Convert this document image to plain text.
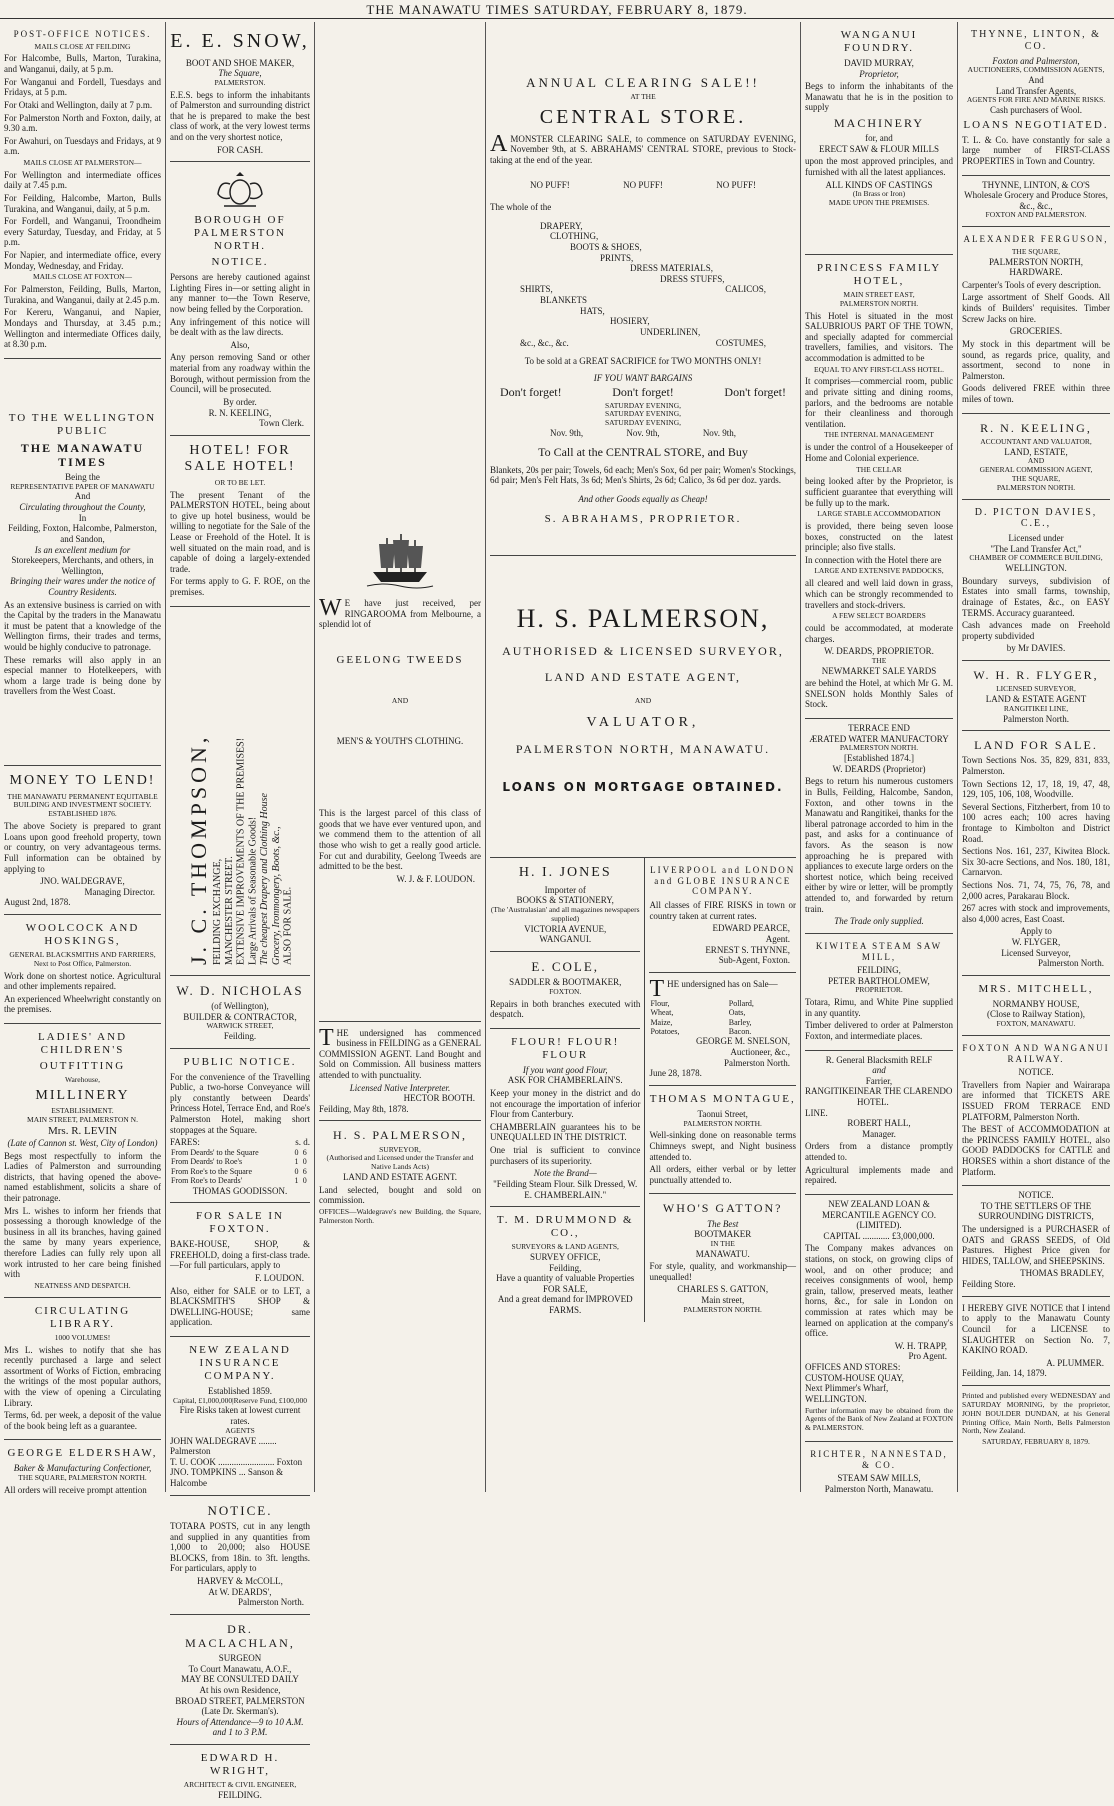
THE MANAWATU TIMES SATURDAY, FEBRUARY 8, 1879.
POST-OFFICE NOTICES.
MAILS CLOSE AT FEILDING

For Halcombe, Bulls, Marton, Turakina, and Wanganui, daily, at 5 p.m.

For Wanganui and Fordell, Tuesdays and Fridays, at 5 p.m.

For Otaki and Wellington, daily at 7 p.m.

For Palmerston North and Foxton, daily, at 9.30 a.m.

For Awahuri, on Tuesdays and Fridays, at 9 a.m.

MAILS CLOSE AT PALMERSTON—

For Wellington and intermediate offices daily at 7.45 p.m.

For Feilding, Halcombe, Marton, Bulls Turakina, and Wanganui, daily, at 5 p.m.

For Fordell, and Wanganui, Troondheim every Saturday, Tuesday, and Friday, at 5 p.m.

For Napier, and intermediate office, every Monday, Wednesday, and Friday.

MAILS CLOSE AT FOXTON—

For Palmerston, Feilding, Bulls, Marton, Turakina, and Wanganui, daily at 2.45 p.m.

For Kereru, Wanganui, and Napier, Mondays and Thursday, at 3.45 p.m.; Wellington and intermediate Offices daily, at 8.30 p.m.

TO THE WELLINGTON PUBLIC
THE MANAWATU TIMES
Being the
REPRESENTATIVE PAPER OF MANAWATU
And
Circulating throughout the County,
In
Feilding, Foxton, Halcombe, Palmerston, and Sandon,
Is an excellent medium for
Storekeepers, Merchants, and others, in Wellington,
Bringing their wares under the notice of Country Residents.

As an extensive business is carried on with the Capital by the traders in the Manawatu it must be patent that a knowledge of the Wellington firms, their trades and terms, would be highly conducive to patronage.

These remarks will also apply in an especial manner to Hotelkeepers, with whom a large trade is being done by travellers from the West Coast.

MONEY TO LEND!
THE MANAWATU PERMANENT EQUITABLE BUILDING AND INVESTMENT SOCIETY.
ESTABLISHED 1876.

The above Society is prepared to grant Loans upon good freehold property, town or country, on very advantageous terms. Full information can be obtained by applying to

JNO. WALDEGRAVE,
Managing Director.
August 2nd, 1878.
WOOLCOCK AND HOSKINGS,
GENERAL BLACKSMITHS AND FARRIERS, Next to Post Office, Palmerston.

Work done on shortest notice. Agricultural and other implements repaired.

An experienced Wheelwright constantly on the premises.

LADIES' AND CHILDREN'S
OUTFITTING
Warehouse,
MILLINERY
ESTABLISHMENT.
MAIN STREET, PALMERSTON N.
Mrs. R. LEVIN
(Late of Cannon st. West, City of London)

Begs most respectfully to inform the Ladies of Palmerston and surrounding districts, that having opened the above-named establishment, solicits a share of their patronage.

Mrs L. wishes to inform her friends that possessing a thorough knowledge of the business in all its branches, having gained the same by many years experience, therefore Ladies can fully rely upon all work intrusted to her care being finished with

NEATNESS AND DESPATCH.
CIRCULATING LIBRARY.
1000 VOLUMES!

Mrs L. wishes to notify that she has recently purchased a large and select assortment of Works of Fiction, embracing the writings of the most popular authors, with the view of opening a Circulating Library.

Terms, 6d. per week, a deposit of the value of the book being left as a guarantee.

GEORGE ELDERSHAW,
Baker & Manufacturing Confectioner,
THE SQUARE, PALMERSTON NORTH.

All orders will receive prompt attention

E. E. SNOW,
BOOT AND SHOE MAKER,
The Square,
PALMERSTON.

E.E.S. begs to inform the inhabitants of Palmerston and surrounding district that he is prepared to make the best class of work, at the very lowest terms and on the very shortest notice,

FOR CASH.
BOROUGH OF PALMERSTON NORTH.
NOTICE.

Persons are hereby cautioned against Lighting Fires in—or setting alight in any manner to—the Town Reserve, now being felled by the Corporation.

Any infringement of this notice will be dealt with as the law directs.

Also,

Any person removing Sand or other material from any roadway within the Borough, without permission from the Council, will be prosecuted.

By order.
R. N. KEELING,
Town Clerk.
HOTEL! FOR SALE HOTEL!
OR TO BE LET.

The present Tenant of the PALMERSTON HOTEL, being about to give up hotel business, would be willing to negotiate for the Sale of the Lease or Freehold of the Hotel. It is well situated on the main road, and is capable of doing a largely-extended trade.

For terms apply to G. F. ROE, on the premises.

J. C. THOMPSON, FEILDING EXCHANGE, MANCHESTER STREET. EXTENSIVE IMPROVEMENTS OF THE PREMISES! Large Arrivals of Seasonable Goods! The cheapest Drapery and Clothing House Grocery, Ironmongery, Boots, &c., ALSO FOR SALE.
W. D. NICHOLAS
(of Wellington),
BUILDER & CONTRACTOR,
WARWICK STREET,
Feilding.
PUBLIC NOTICE.

For the convenience of the Travelling Public, a two-horse Conveyance will ply constantly between Deards' Princess Hotel, Terrace End, and Roe's Palmerston Hotel, making short stoppages at the Square.

FARES:	s. d.
From Deards' to the Square	0	6
From Deards' to Roe's	1	0
From Roe's to the Square	0	6
From Roe's to Deards'	1	0
THOMAS GOODISSON.
FOR SALE IN FOXTON.

BAKE-HOUSE, SHOP, & FREEHOLD, doing a first-class trade.—For full particulars, apply to

F. LOUDON.

Also, either for SALE or to LET, a BLACKSMITH'S SHOP & DWELLING-HOUSE; same application.

NEW ZEALAND INSURANCE COMPANY.
Established 1859.
Capital, £1,000,000|Reserve Fund, £100,000
Fire Risks taken at lowest current rates.
AGENTS
JOHN WALDEGRAVE ........ Palmerston
T. U. COOK ......................... Foxton
JNO. TOMPKINS ... Sanson & Halcombe
NOTICE.

TOTARA POSTS, cut in any length and supplied in any quantities from 1,000 to 20,000; also HOUSE BLOCKS, from 18in. to 3ft. lengths. For particulars, apply to

HARVEY & McCOLL,
At W. DEARDS',
Palmerston North.
DR. MACLACHLAN,
SURGEON
To Court Manawatu, A.O.F.,
MAY BE CONSULTED DAILY
At his own Residence,
BROAD STREET, PALMERSTON
(Late Dr. Skerman's).
Hours of Attendance—9 to 10 A.M. and 1 to 3 P.M.
EDWARD H. WRIGHT,
ARCHITECT & CIVIL ENGINEER,
FEILDING.

W E have just received, per RINGAROOMA from Melbourne, a splendid lot of

GEELONG TWEEDS
AND
MEN'S & YOUTH'S CLOTHING.

This is the largest parcel of this class of goods that we have ever ventured upon, and we commend them to the attention of all those who wish to get a really good article. For cut and durability, Geelong Tweeds are admitted to be the best.

W. J. & F. LOUDON.

THE undersigned has commenced business in FEILDING as a GENERAL COMMISSION AGENT. Land Bought and Sold on Commission. All business matters attended to with punctuality.

Licensed Native Interpreter.
HECTOR BOOTH.
Feilding, May 8th, 1878.
H. S. PALMERSON,
SURVEYOR,
(Authorised and Licensed under the Transfer and Native Lands Acts)
LAND AND ESTATE AGENT.

Land selected, bought and sold on commission.

OFFICES—Waldegrave's new Building, the Square, Palmerston North.

ANNUAL CLEARING SALE!!
AT THE
CENTRAL STORE.

AMONSTER CLEARING SALE, to commence on SATURDAY EVENING, November 9th, at S. ABRAHAMS' CENTRAL STORE, previous to Stock-taking at the end of the year.

NO PUFF!	NO PUFF!	NO PUFF!
The whole of the
DRAPERY,
CLOTHING,
BOOTS & SHOES,
PRINTS,
DRESS MATERIALS,
DRESS STUFFS,
SHIRTS,	CALICOS,
BLANKETS
HATS,
HOSIERY,
UNDERLINEN,
&c., &c., &c.	COSTUMES,
To be sold at a GREAT SACRIFICE for TWO MONTHS ONLY!
IF YOU WANT BARGAINS
Don't forget!	Don't forget!	Don't forget!
SATURDAY EVENING,
SATURDAY EVENING,
SATURDAY EVENING,
Nov. 9th,	Nov. 9th,	Nov. 9th,
To Call at the CENTRAL STORE, and Buy

Blankets, 20s per pair; Towels, 6d each; Men's Sox, 6d per pair; Women's Stockings, 6d pair; Men's Felt Hats, 3s 6d; Men's Shirts, 2s 6d; Calico, 3s 6d per doz. yards.

And other Goods equally as Cheap!
S. ABRAHAMS, PROPRIETOR.
H. S. PALMERSON,
AUTHORISED & LICENSED SURVEYOR,
LAND AND ESTATE AGENT,
AND
VALUATOR,
PALMERSTON NORTH, MANAWATU.
LOANS ON MORTGAGE OBTAINED.
H. I. JONES
Importer of
BOOKS & STATIONERY,
(The 'Australasian' and all magazines newspapers supplied)
VICTORIA AVENUE,
WANGANUI.
E. COLE,
SADDLER & BOOTMAKER,
FOXTON.

Repairs in both branches executed with despatch.

FLOUR! FLOUR! FLOUR
If you want good Flour,
ASK FOR CHAMBERLAIN'S.

Keep your money in the district and do not encourage the importation of inferior Flour from Canterbury.

CHAMBERLAIN guarantees his to be UNEQUALLED IN THE DISTRICT.

One trial is sufficient to convince purchasers of its superiority.

Note the Brand—
"Feilding Steam Flour. Silk Dressed, W. E. CHAMBERLAIN."
T. M. DRUMMOND & CO.,
SURVEYORS & LAND AGENTS,
SURVEY OFFICE,
Feilding,
Have a quantity of valuable Properties FOR SALE,
And a great demand for IMPROVED FARMS.
LIVERPOOL and LONDON and GLOBE INSURANCE COMPANY.

All classes of FIRE RISKS in town or country taken at current rates.

EDWARD PEARCE,
Agent.
ERNEST S. THYNNE,
Sub-Agent, Foxton.

THE undersigned has on Sale—

Flour,	Pollard,
Wheat,	Oats,
Maize,	Barley,
Potatoes,	Bacon.
GEORGE M. SNELSON,
Auctioneer, &c.,
Palmerston North.
June 28, 1878.
THOMAS MONTAGUE,
Taonui Street,
PALMERSTON NORTH.

Well-sinking done on reasonable terms Chimneys swept, and Night business attended to.

All orders, either verbal or by letter punctually attended to.

WHO'S GATTON?
The Best
BOOTMAKER
IN THE
MANAWATU.

For style, quality, and workmanship—unequalled!

CHARLES S. GATTON,
Main street,
PALMERSTON NORTH.
WANGANUI FOUNDRY.
DAVID MURRAY,
Proprietor,

Begs to inform the inhabitants of the Manawatu that he is in the position to supply

MACHINERY
for, and
ERECT SAW & FLOUR MILLS

upon the most approved principles, and furnished with all the latest appliances.

ALL KINDS OF CASTINGS
(In Brass or Iron)
MADE UPON THE PREMISES.
PRINCESS FAMILY HOTEL,
MAIN STREET EAST,
PALMERSTON NORTH.

This Hotel is situated in the most SALUBRIOUS PART OF THE TOWN, and specially adapted for commercial travellers, families, and visitors. The accommodation is admitted to be

EQUAL TO ANY FIRST-CLASS HOTEL.

It comprises—commercial room, public and private sitting and dining rooms, parlors, and the bedrooms are notable for their cleanliness and thorough ventilation.

THE INTERNAL MANAGEMENT

is under the control of a Housekeeper of Home and Colonial experience.

THE CELLAR

being looked after by the Proprietor, is sufficient guarantee that everything will be fully up to the mark.

LARGE STABLE ACCOMMODATION

is provided, there being seven loose boxes, constructed on the latest principle; also five stalls.

In connection with the Hotel there are

LARGE AND EXTENSIVE PADDOCKS,

all cleared and well laid down in grass, which can be strongly recommended to travellers and stock-drivers.

A FEW SELECT BOARDERS

could be accommodated, at moderate charges.

W. DEARDS, PROPRIETOR.
THE
NEWMARKET SALE YARDS

are behind the Hotel, at which Mr G. M. SNELSON holds Monthly Sales of Stock.

TERRACE END
ÆRATED WATER MANUFACTORY
PALMERSTON NORTH.
[Established 1874.]
W. DEARDS (Proprietor)

Begs to return his numerous customers in Bulls, Feilding, Halcombe, Sandon, Foxton, and other towns in the Manawatu and Rangitikei, thanks for the liberal patronage accorded to him in the past, and asks for a continuance of favors. As the season is now approaching he is prepared with appliances to execute large orders on the shortest notice, which being received either by wire or letter, will be promptly attended to, and forwarded by return train.

The Trade only supplied.
KIWITEA STEAM SAW MILL,
FEILDING,
PETER BARTHOLOMEW,
PROPRIETOR.

Totara, Rimu, and White Pine supplied in any quantity.

Timber delivered to order at Palmerston Foxton, and intermediate places.

R. General Blacksmith RELF
and
Farrier,
RANGITIKEI NEAR THE CLARENDO HOTEL.
LINE.
ROBERT HALL,
Manager.

Orders from a distance promptly attended to.

Agricultural implements made and repaired.

NEW ZEALAND LOAN & MERCANTILE AGENCY CO. (LIMITED).
CAPITAL ............ £3,000,000.

The Company makes advances on stations, on stock, on growing clips of wool, and on other produce; and receives consignments of wool, hemp grain, tallow, preserved meats, leather horns, &c., for sale in London on commission at rates which may be learned on application at the company's office.

W. H. TRAPP,
Pro Agent.
OFFICES AND STORES:
CUSTOM-HOUSE QUAY,
Next Plimmer's Wharf,
WELLINGTON.

Further information may be obtained from the Agents of the Bank of New Zealand at FOXTON & PALMERSTON.

RICHTER, NANNESTAD, & CO.
STEAM SAW MILLS,
Palmerston North, Manawatu.
THYNNE, LINTON, & CO.
Foxton and Palmerston,
AUCTIONEERS, COMMISSION AGENTS,
And
Land Transfer Agents,
AGENTS FOR FIRE AND MARINE RISKS.
Cash purchasers of Wool.
LOANS NEGOTIATED.

T. L. & Co. have constantly for sale a large number of FIRST-CLASS PROPERTIES in Town and Country.

THYNNE, LINTON, & CO'S
Wholesale Grocery and Produce Stores, &c., &c.,
FOXTON AND PALMERSTON.
ALEXANDER FERGUSON,
THE SQUARE,
PALMERSTON NORTH,
HARDWARE.

Carpenter's Tools of every description.

Large assortment of Shelf Goods. All kinds of Builders' requisites. Timber Screw Jacks on hire.

GROCERIES.

My stock in this department will be sound, as regards price, quality, and assortment, second to none in Palmerston.

Goods delivered FREE within three miles of town.

R. N. KEELING,
ACCOUNTANT AND VALUATOR,
LAND, ESTATE,
AND
GENERAL COMMISSION AGENT,
THE SQUARE,
PALMERSTON NORTH.
D. PICTON DAVIES, C.E.,
Licensed under
"The Land Transfer Act,"
CHAMBER OF COMMERCE BUILDING,
WELLINGTON.

Boundary surveys, subdivision of Estates into small farms, township, drainage of Estates, &c., on EASY TERMS. Accuracy guaranteed.

Cash advances made on Freehold property subdivided

by Mr DAVIES.
W. H. R. FLYGER,
LICENSED SURVEYOR,
LAND & ESTATE AGENT
RANGITIKEI LINE,
Palmerston North.
LAND FOR SALE.

Town Sections Nos. 35, 829, 831, 833, Palmerston.

Town Sections 12, 17, 18, 19, 47, 48, 129, 105, 106, 108, Woodville.

Several Sections, Fitzherbert, from 10 to 100 acres each; 100 acres having frontage to Kimbolton and District Road.

Sections Nos. 161, 237, Kiwitea Block. Six 30-acre Sections, and Nos. 180, 181, Carnarvon.

Sections Nos. 71, 74, 75, 76, 78, and 2,000 acres, Parakarau Block.

267 acres with stock and improvements, also 4,000 acres, East Coast.

Apply to
W. FLYGER,
Licensed Surveyor,
Palmerston North.
MRS. MITCHELL,
NORMANBY HOUSE,
(Close to Railway Station),
FOXTON, MANAWATU.
FOXTON AND WANGANUI RAILWAY.
NOTICE.

Travellers from Napier and Wairarapa are informed that TICKETS ARE ISSUED FROM TERRACE END PLATFORM, Palmerston North.

The BEST of ACCOMMODATION at the PRINCESS FAMILY HOTEL, also GOOD PADDOCKS for CATTLE and HORSES within a short distance of the Platform.

NOTICE.
TO THE SETTLERS OF THE SURROUNDING DISTRICTS,

The undersigned is a PURCHASER of OATS and GRASS SEEDS, of Old Pastures. Highest Price given for HIDES, TALLOW, and SHEEPSKINS.

THOMAS BRADLEY,
Feilding Store.

I HEREBY GIVE NOTICE that I intend to apply to the Manawatu County Council for a LICENSE to SLAUGHTER on Section No. 7, KAKINO ROAD.

A. PLUMMER.
Feilding, Jan. 14, 1879.

Printed and published every WEDNESDAY and SATURDAY MORNING, by the proprietor, JOHN BOULDER DUNDAN, at his General Printing Office, Main North, Bells Palmerston North, New Zealand.

SATURDAY, FEBRUARY 8, 1879.
